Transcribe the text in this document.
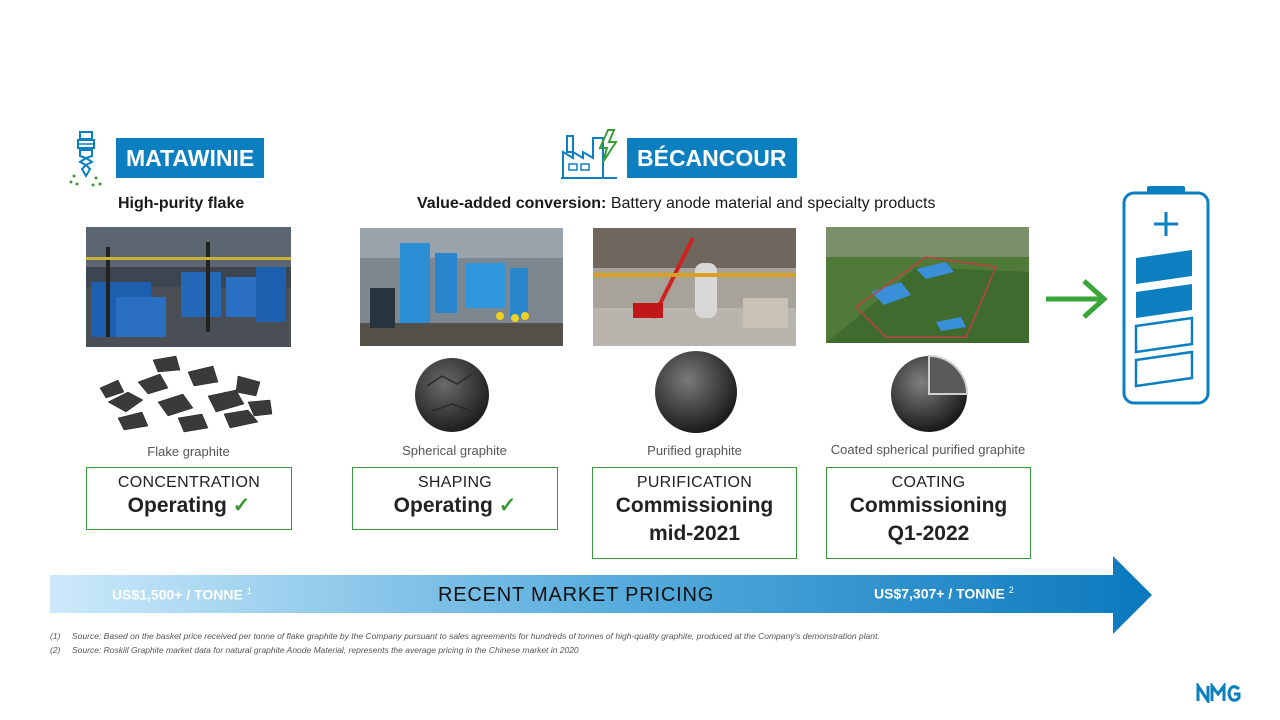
MATAWINIE
High-purity flake
BÉCANCOUR
Value-added conversion: Battery anode material and specialty products
Flake graphite	Spherical graphite	Purified graphite	Coated spherical purified graphite
CONCENTRATION
Operating ✓
SHAPING
Operating ✓
PURIFICATION
Commissioning
mid-2021
COATING
Commissioning
Q1-2022
US$1,500+ / TONNE $^1$	RECENT MARKET PRICING	US$7,307+ / TONNE $^2$
(1) Source: Based on the basket price received per tonne of flake graphite by the Company pursuant to sales agreements for hundreds of tonnes of high-quality graphite, produced at the Company's demonstration plant.
(2) Source: Roskill Graphite market data for natural graphite Anode Material, represents the average pricing in the Chinese market in 2020
